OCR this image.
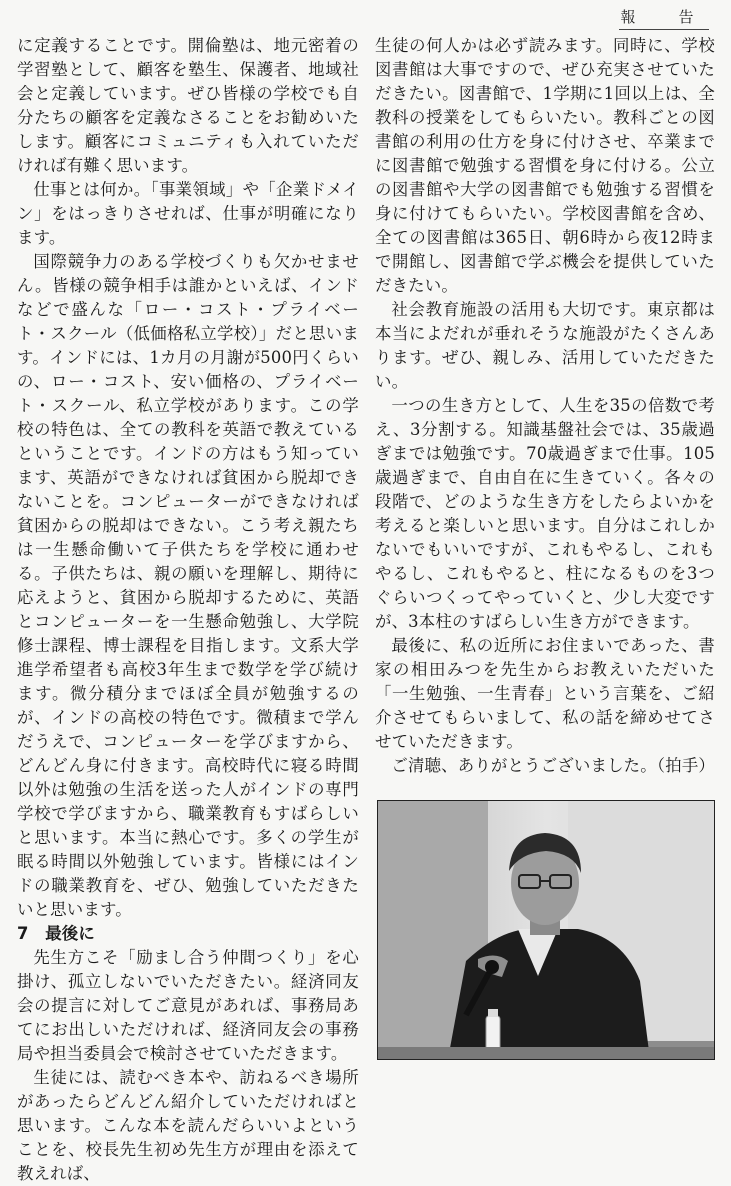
報　告

に定義することです。開倫塾は、地元密着の学習塾として、顧客を塾生、保護者、地域社会と定義しています。ぜひ皆様の学校でも自分たちの顧客を定義なさることをお勧めいたします。顧客にコミュニティも入れていただければ有難く思います。

仕事とは何か。「事業領域」や「企業ドメイン」をはっきりさせれば、仕事が明確になります。

国際競争力のある学校づくりも欠かせません。皆様の競争相手は誰かといえば、インドなどで盛んな「ロー・コスト・プライベート・スクール（低価格私立学校）」だと思います。インドには、1カ月の月謝が500円くらいの、ロー・コスト、安い価格の、プライベート・スクール、私立学校があります。この学校の特色は、全ての教科を英語で教えているということです。インドの方はもう知っています、英語ができなければ貧困から脱却できないことを。コンピューターができなければ貧困からの脱却はできない。こう考え親たちは一生懸命働いて子供たちを学校に通わせる。子供たちは、親の願いを理解し、期待に応えようと、貧困から脱却するために、英語とコンピューターを一生懸命勉強し、大学院修士課程、博士課程を目指します。文系大学進学希望者も高校3年生まで数学を学び続けます。微分積分までほぼ全員が勉強するのが、インドの高校の特色です。微積まで学んだうえで、コンピューターを学びますから、どんどん身に付きます。高校時代に寝る時間以外は勉強の生活を送った人がインドの専門学校で学びますから、職業教育もすばらしいと思います。本当に熱心です。多くの学生が眠る時間以外勉強しています。皆様にはインドの職業教育を、ぜひ、勉強していただきたいと思います。

7　最後に

先生方こそ「励まし合う仲間つくり」を心掛け、孤立しないでいただきたい。経済同友会の提言に対してご意見があれば、事務局あてにお出しいただければ、経済同友会の事務局や担当委員会で検討させていただきます。

生徒には、読むべき本や、訪ねるべき場所があったらどんどん紹介していただければと思います。こんな本を読んだらいいよということを、校長先生初め先生方が理由を添えて教えれば、

生徒の何人かは必ず読みます。同時に、学校図書館は大事ですので、ぜひ充実させていただきたい。図書館で、1学期に1回以上は、全教科の授業をしてもらいたい。教科ごとの図書館の利用の仕方を身に付けさせ、卒業までに図書館で勉強する習慣を身に付ける。公立の図書館や大学の図書館でも勉強する習慣を身に付けてもらいたい。学校図書館を含め、全ての図書館は365日、朝6時から夜12時まで開館し、図書館で学ぶ機会を提供していただきたい。

社会教育施設の活用も大切です。東京都は本当によだれが垂れそうな施設がたくさんあります。ぜひ、親しみ、活用していただきたい。

一つの生き方として、人生を35の倍数で考え、3分割する。知識基盤社会では、35歳過ぎまでは勉強です。70歳過ぎまで仕事。105歳過ぎまで、自由自在に生きていく。各々の段階で、どのような生き方をしたらよいかを考えると楽しいと思います。自分はこれしかないでもいいですが、これもやるし、これもやるし、これもやると、柱になるものを3つぐらいつくってやっていくと、少し大変ですが、3本柱のすばらしい生き方ができます。

最後に、私の近所にお住まいであった、書家の相田みつを先生からお教えいただいた「一生勉強、一生青春」という言葉を、ご紹介させてもらいまして、私の話を締めせてさせていただきます。

ご清聴、ありがとうございました。（拍手）
